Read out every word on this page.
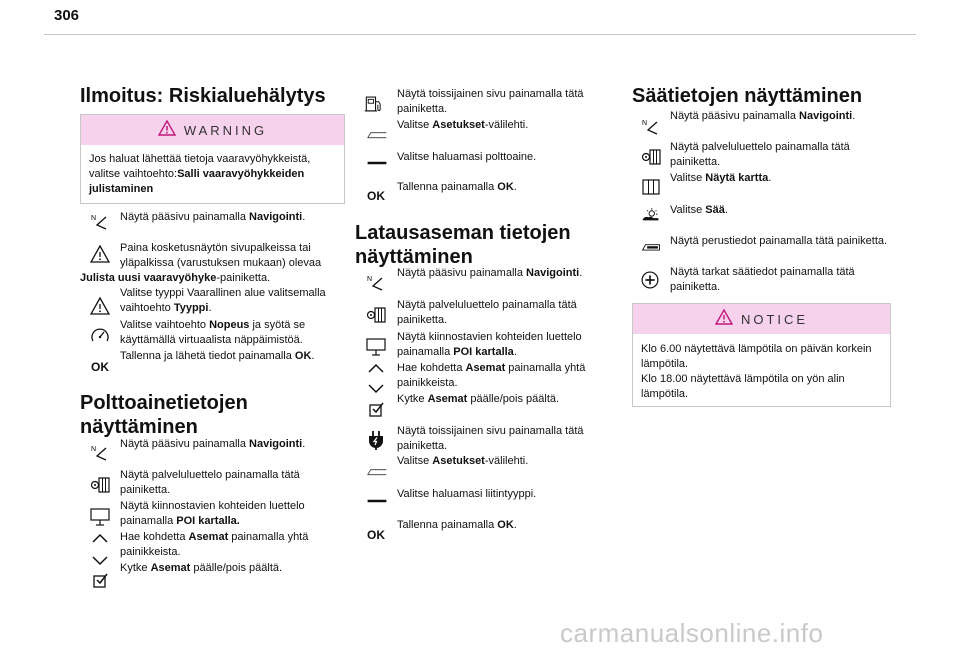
306
Ilmoitus: Riskialuehälytys
WARNING
Jos haluat lähettää tietoja vaaravyöhykkeistä, valitse vaihtoehto:Salli vaaravyöhykkeiden julistaminen
N Näytä pääsivu painamalla Navigointi.
Paina kosketusnäytön sivupalkeissa tai yläpalkissa (varustuksen mukaan) olevaa
Julista uusi vaaravyöhyke-painiketta.
Valitse tyyppi Vaarallinen alue valitsemalla vaihtoehto Tyyppi.
Valitse vaihtoehto Nopeus ja syötä se käyttämällä virtuaalista näppäimistöä.
OK
Tallenna ja lähetä tiedot painamalla OK.
Polttoainetietojen
näyttäminen
N Näytä pääsivu painamalla Navigointi.
Näytä palveluluettelo painamalla tätä painiketta.
Näytä kiinnostavien kohteiden luettelo painamalla POI kartalla.
Hae kohdetta Asemat painamalla yhtä painikkeista.
Kytke Asemat päälle/pois päältä.
Näytä toissijainen sivu painamalla tätä painiketta.
Valitse Asetukset-välilehti.
Valitse haluamasi polttoaine.
OK
Tallenna painamalla OK.
Latausaseman tietojen
näyttäminen
N
Näytä pääsivu painamalla Navigointi.
Näytä palveluluettelo painamalla tätä painiketta.
Näytä kiinnostavien kohteiden luettelo painamalla POI kartalla.
Hae kohdetta Asemat painamalla yhtä painikkeista.
Kytke Asemat päälle/pois päältä.
Näytä toissijainen sivu painamalla tätä painiketta.
Valitse Asetukset-välilehti.
Valitse haluamasi liitintyyppi.
OK
Tallenna painamalla OK.
Säätietojen näyttäminen
N
Näytä pääsivu painamalla Navigointi.
Näytä palveluluettelo painamalla tätä painiketta.
Valitse Näytä kartta.
Valitse Sää.
Näytä perustiedot painamalla tätä painiketta.
Näytä tarkat säätiedot painamalla tätä painiketta.
NOTICE
Klo 6.00 näytettävä lämpötila on päivän korkein lämpötila.
Klo 18.00 näytettävä lämpötila on yön alin lämpötila.
carmanualsonline.info
